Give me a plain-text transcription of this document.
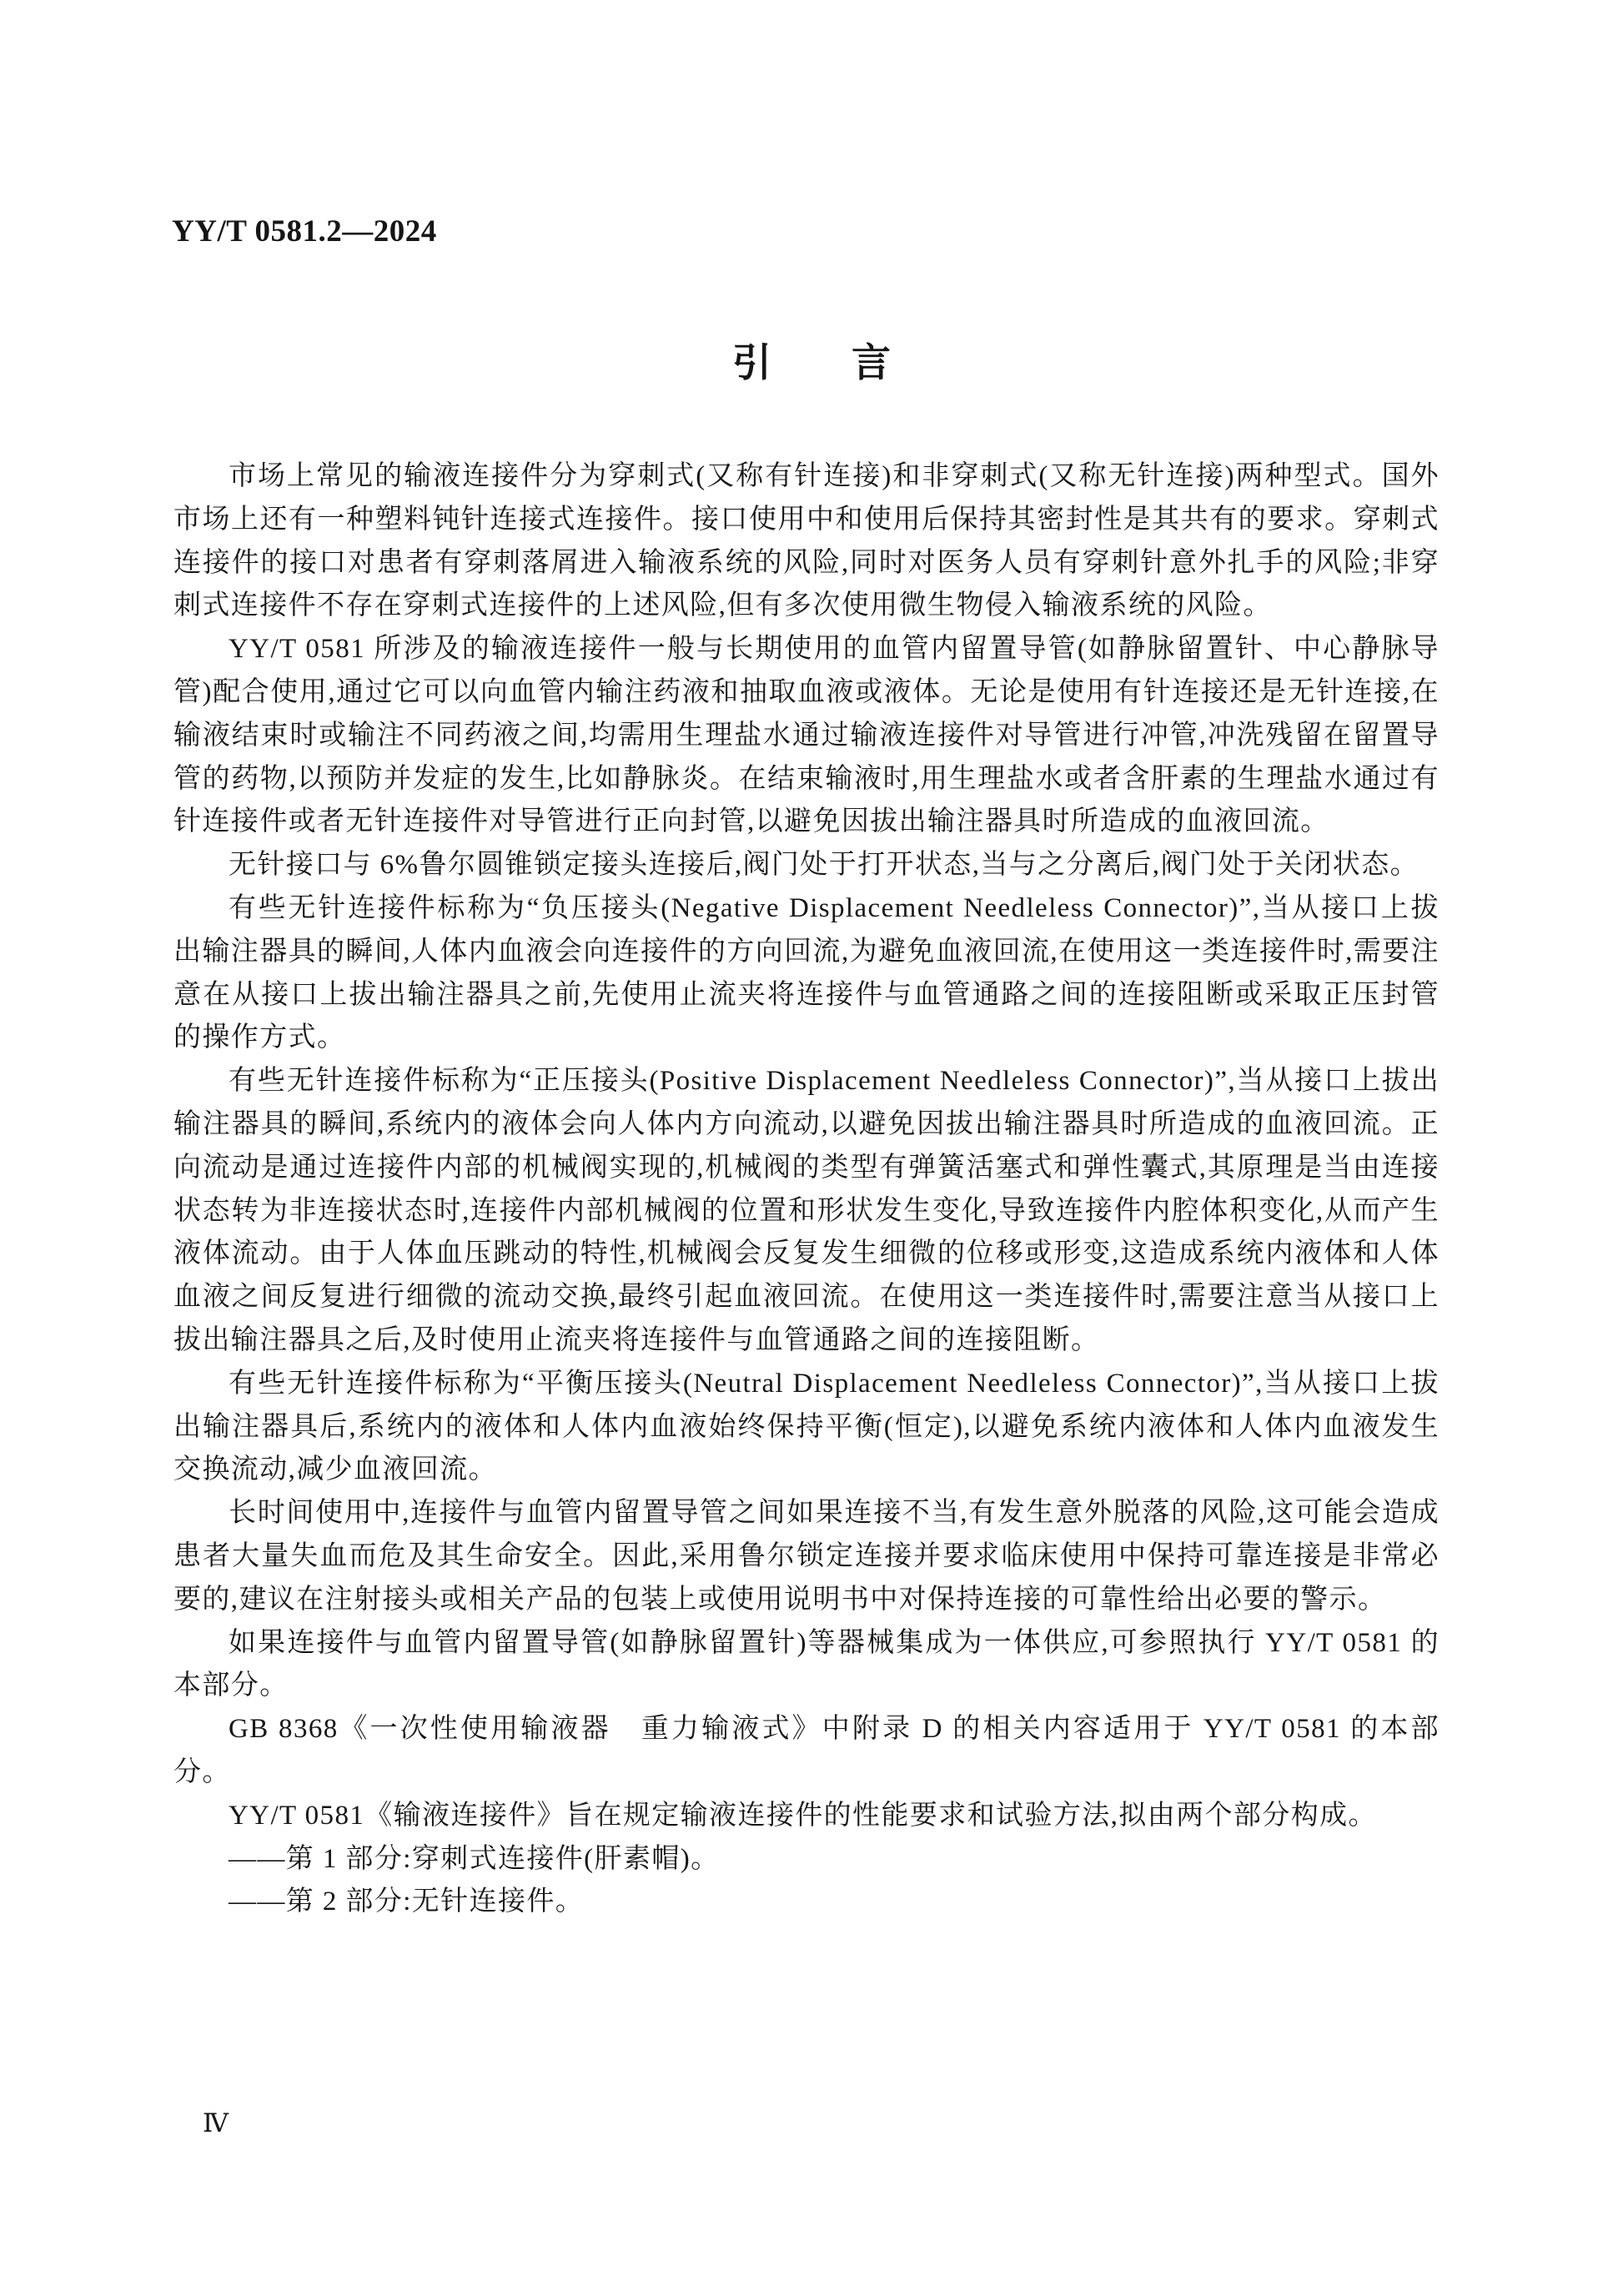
YY/T 0581.2—2024
引 言

市场上常见的输液连接件分为穿刺式(又称有针连接)和非穿刺式(又称无针连接)两种型式。国外市场上还有一种塑料钝针连接式连接件。接口使用中和使用后保持其密封性是其共有的要求。穿刺式连接件的接口对患者有穿刺落屑进入输液系统的风险,同时对医务人员有穿刺针意外扎手的风险;非穿刺式连接件不存在穿刺式连接件的上述风险,但有多次使用微生物侵入输液系统的风险。

YY/T 0581 所涉及的输液连接件一般与长期使用的血管内留置导管(如静脉留置针、中心静脉导管)配合使用,通过它可以向血管内输注药液和抽取血液或液体。无论是使用有针连接还是无针连接,在输液结束时或输注不同药液之间,均需用生理盐水通过输液连接件对导管进行冲管,冲洗残留在留置导管的药物,以预防并发症的发生,比如静脉炎。在结束输液时,用生理盐水或者含肝素的生理盐水通过有针连接件或者无针连接件对导管进行正向封管,以避免因拔出输注器具时所造成的血液回流。

无针接口与 6%鲁尔圆锥锁定接头连接后,阀门处于打开状态,当与之分离后,阀门处于关闭状态。

有些无针连接件标称为“负压接头(Negative Displacement Needleless Connector)”,当从接口上拔出输注器具的瞬间,人体内血液会向连接件的方向回流,为避免血液回流,在使用这一类连接件时,需要注意在从接口上拔出输注器具之前,先使用止流夹将连接件与血管通路之间的连接阻断或采取正压封管的操作方式。

有些无针连接件标称为“正压接头(Positive Displacement Needleless Connector)”,当从接口上拔出输注器具的瞬间,系统内的液体会向人体内方向流动,以避免因拔出输注器具时所造成的血液回流。正向流动是通过连接件内部的机械阀实现的,机械阀的类型有弹簧活塞式和弹性囊式,其原理是当由连接状态转为非连接状态时,连接件内部机械阀的位置和形状发生变化,导致连接件内腔体积变化,从而产生液体流动。由于人体血压跳动的特性,机械阀会反复发生细微的位移或形变,这造成系统内液体和人体血液之间反复进行细微的流动交换,最终引起血液回流。在使用这一类连接件时,需要注意当从接口上拔出输注器具之后,及时使用止流夹将连接件与血管通路之间的连接阻断。

有些无针连接件标称为“平衡压接头(Neutral Displacement Needleless Connector)”,当从接口上拔出输注器具后,系统内的液体和人体内血液始终保持平衡(恒定),以避免系统内液体和人体内血液发生交换流动,减少血液回流。

长时间使用中,连接件与血管内留置导管之间如果连接不当,有发生意外脱落的风险,这可能会造成患者大量失血而危及其生命安全。因此,采用鲁尔锁定连接并要求临床使用中保持可靠连接是非常必要的,建议在注射接头或相关产品的包装上或使用说明书中对保持连接的可靠性给出必要的警示。

如果连接件与血管内留置导管(如静脉留置针)等器械集成为一体供应,可参照执行 YY/T 0581 的本部分。

GB 8368《一次性使用输液器　重力输液式》中附录 D 的相关内容适用于 YY/T 0581 的本部分。

YY/T 0581《输液连接件》旨在规定输液连接件的性能要求和试验方法,拟由两个部分构成。

——第 1 部分:穿刺式连接件(肝素帽)。

——第 2 部分:无针连接件。

Ⅳ
